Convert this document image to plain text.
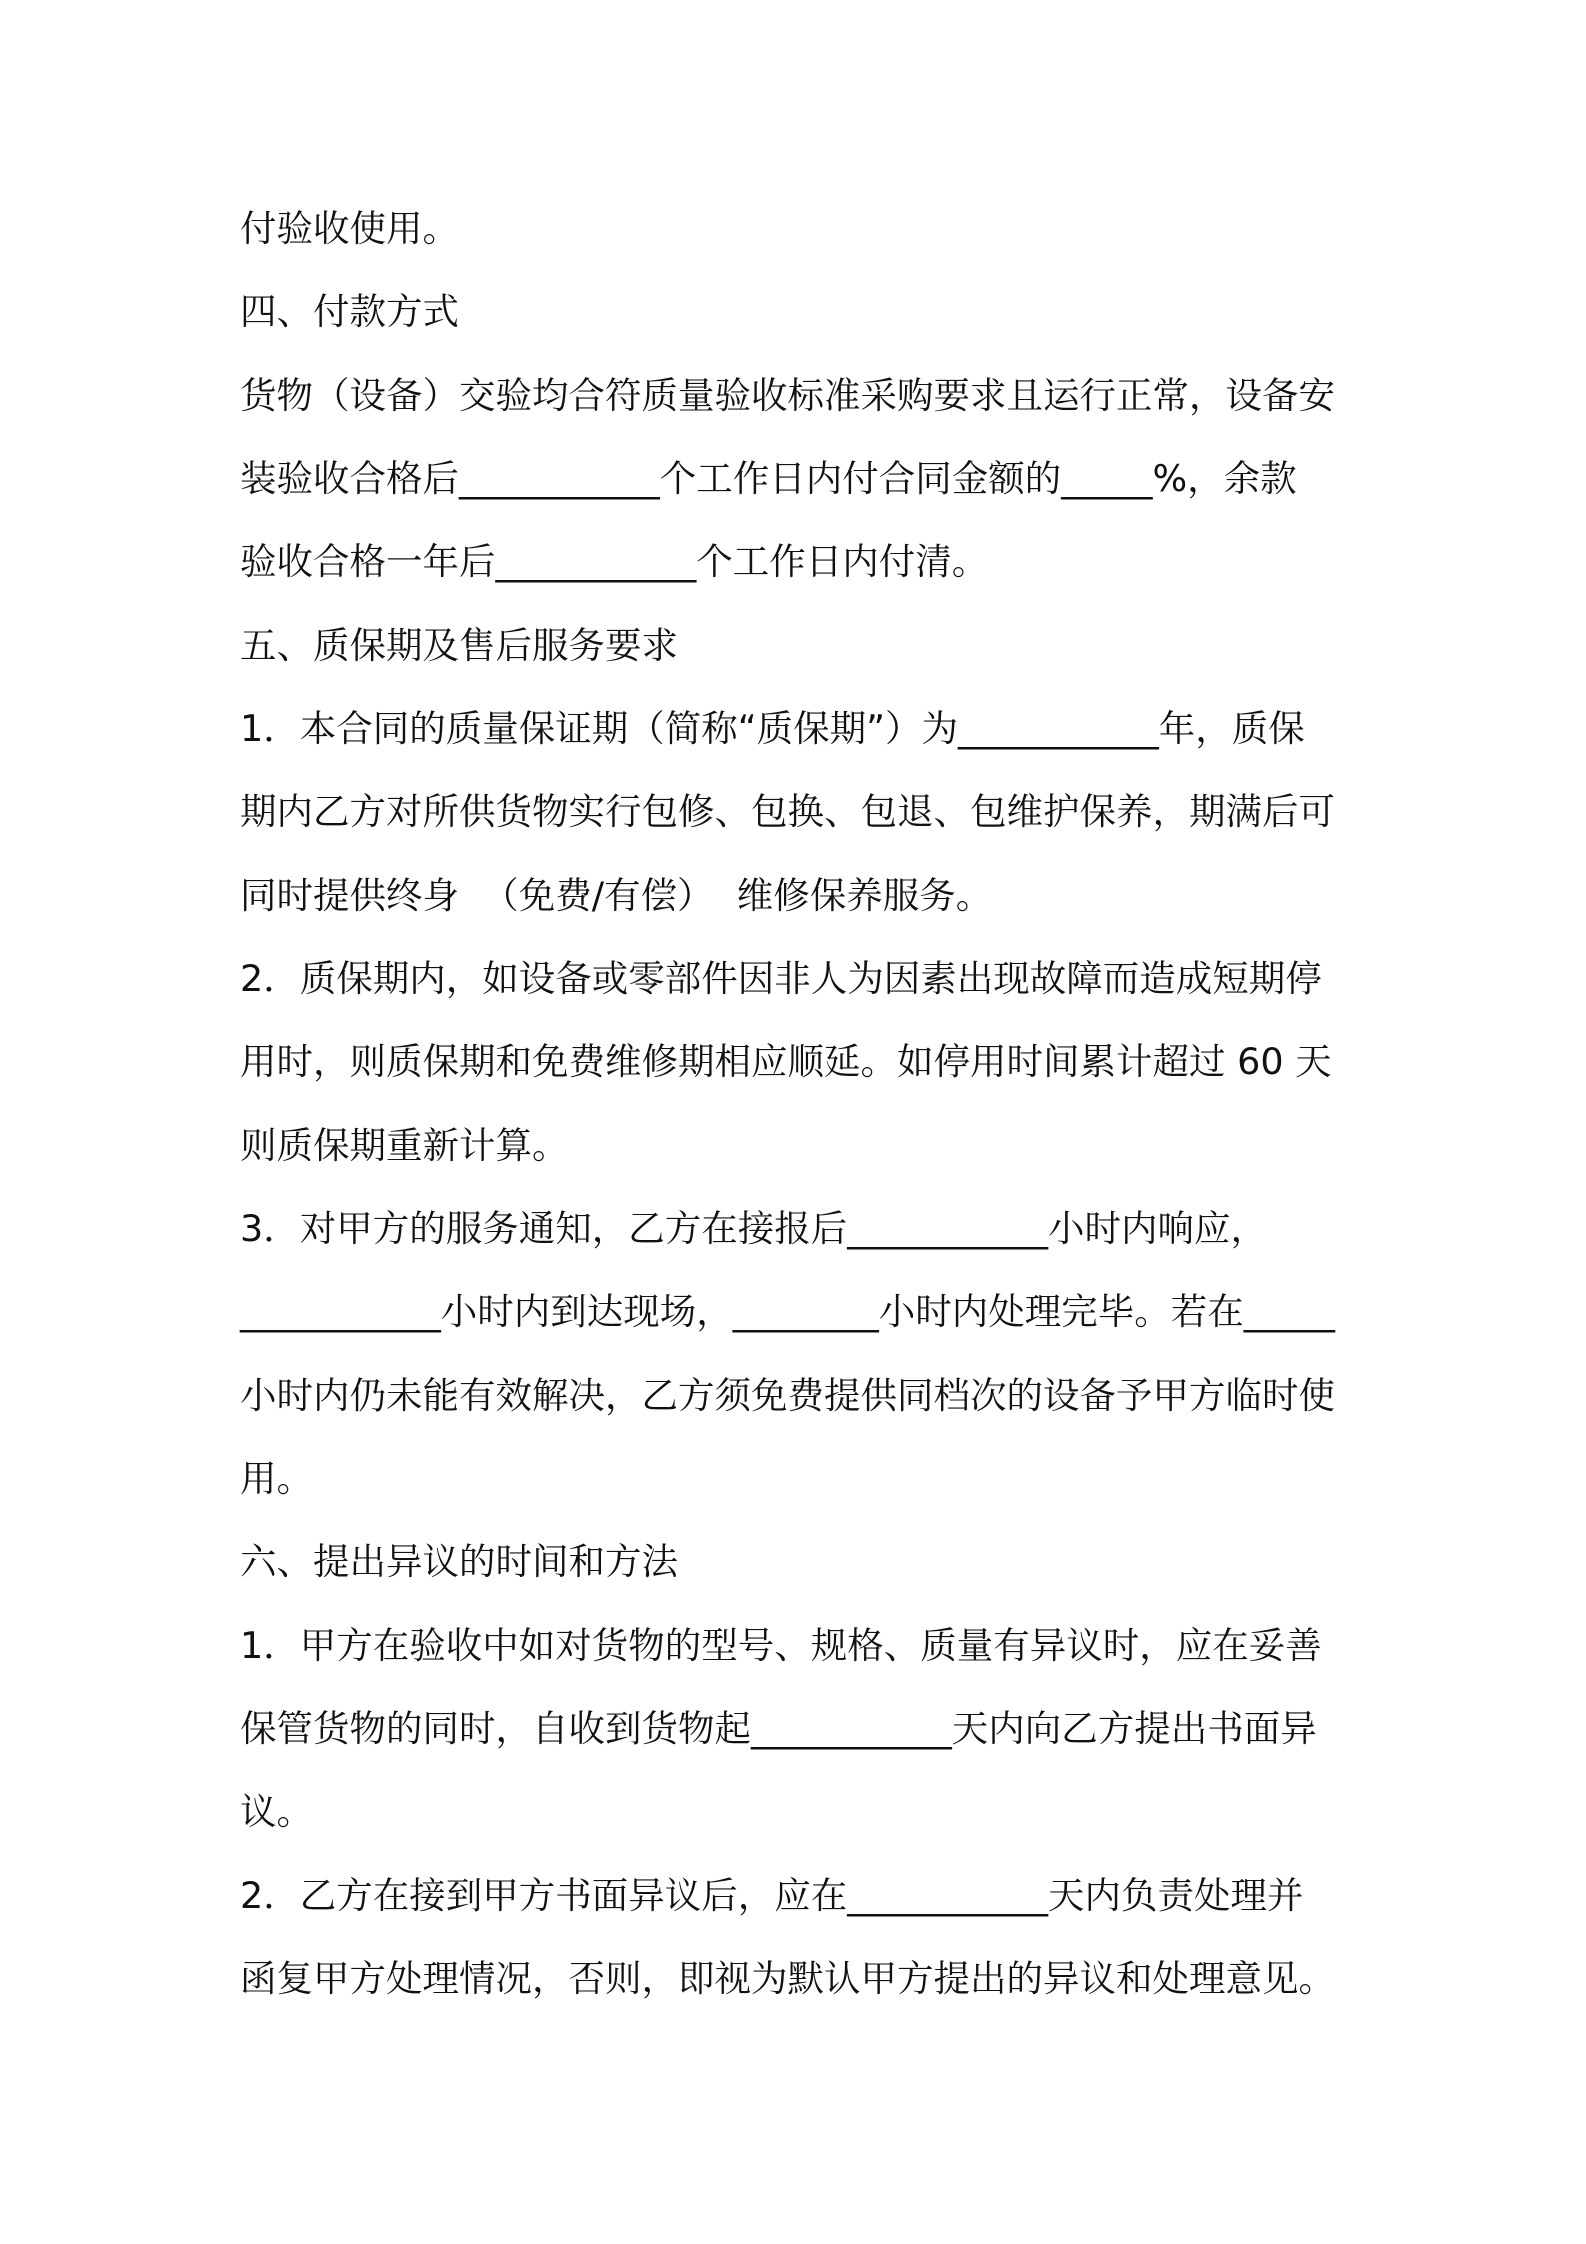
付验收使用。
四、付款方式
货物（设备）交验均合符质量验收标准采购要求且运行正常，设备安
装验收合格后___________个工作日内付合同金额的_____%，余款
验收合格一年后___________个工作日内付清。
五、质保期及售后服务要求
1．本合同的质量保证期（简称“质保期”）为___________年，质保
期内乙方对所供货物实行包修、包换、包退、包维护保养，期满后可
同时提供终身  （免费/有偿）  维修保养服务。
2．质保期内，如设备或零部件因非人为因素出现故障而造成短期停
用时，则质保期和免费维修期相应顺延。如停用时间累计超过 60 天
则质保期重新计算。
3．对甲方的服务通知，乙方在接报后___________小时内响应，
___________小时内到达现场，________小时内处理完毕。若在_____
小时内仍未能有效解决，乙方须免费提供同档次的设备予甲方临时使
用。
六、提出异议的时间和方法
1．甲方在验收中如对货物的型号、规格、质量有异议时，应在妥善
保管货物的同时，自收到货物起___________天内向乙方提出书面异
议。
2．乙方在接到甲方书面异议后，应在___________天内负责处理并
函复甲方处理情况，否则，即视为默认甲方提出的异议和处理意见。
